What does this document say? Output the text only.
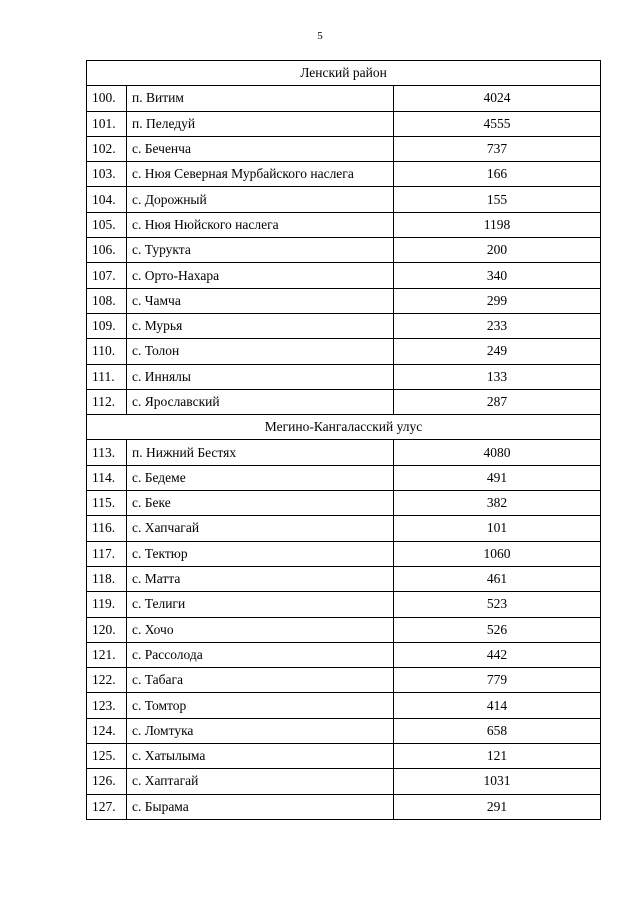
5
Ленский район		
100.	п. Витим	4024
101.	п. Пеледуй	4555
102.	с. Беченча	737
103.	с. Нюя Северная Мурбайского наслега	166
104.	с. Дорожный	155
105.	с. Нюя Нюйского наслега	1198
106.	с. Турукта	200
107.	с. Орто-Нахара	340
108.	с. Чамча	299
109.	с. Мурья	233
110.	с. Толон	249
111.	с. Иннялы	133
112.	с. Ярославский	287
Мегино-Кангаласский улус		
113.	п. Нижний Бестях	4080
114.	с. Бедеме	491
115.	с. Беке	382
116.	с. Хапчагай	101
117.	с. Тектюр	1060
118.	с. Матта	461
119.	с. Телиги	523
120.	с. Хочо	526
121.	с. Рассолода	442
122.	с. Табага	779
123.	с. Томтор	414
124.	с. Ломтука	658
125.	с. Хатылыма	121
126.	с. Хаптагай	1031
127.	с. Бырама	291
